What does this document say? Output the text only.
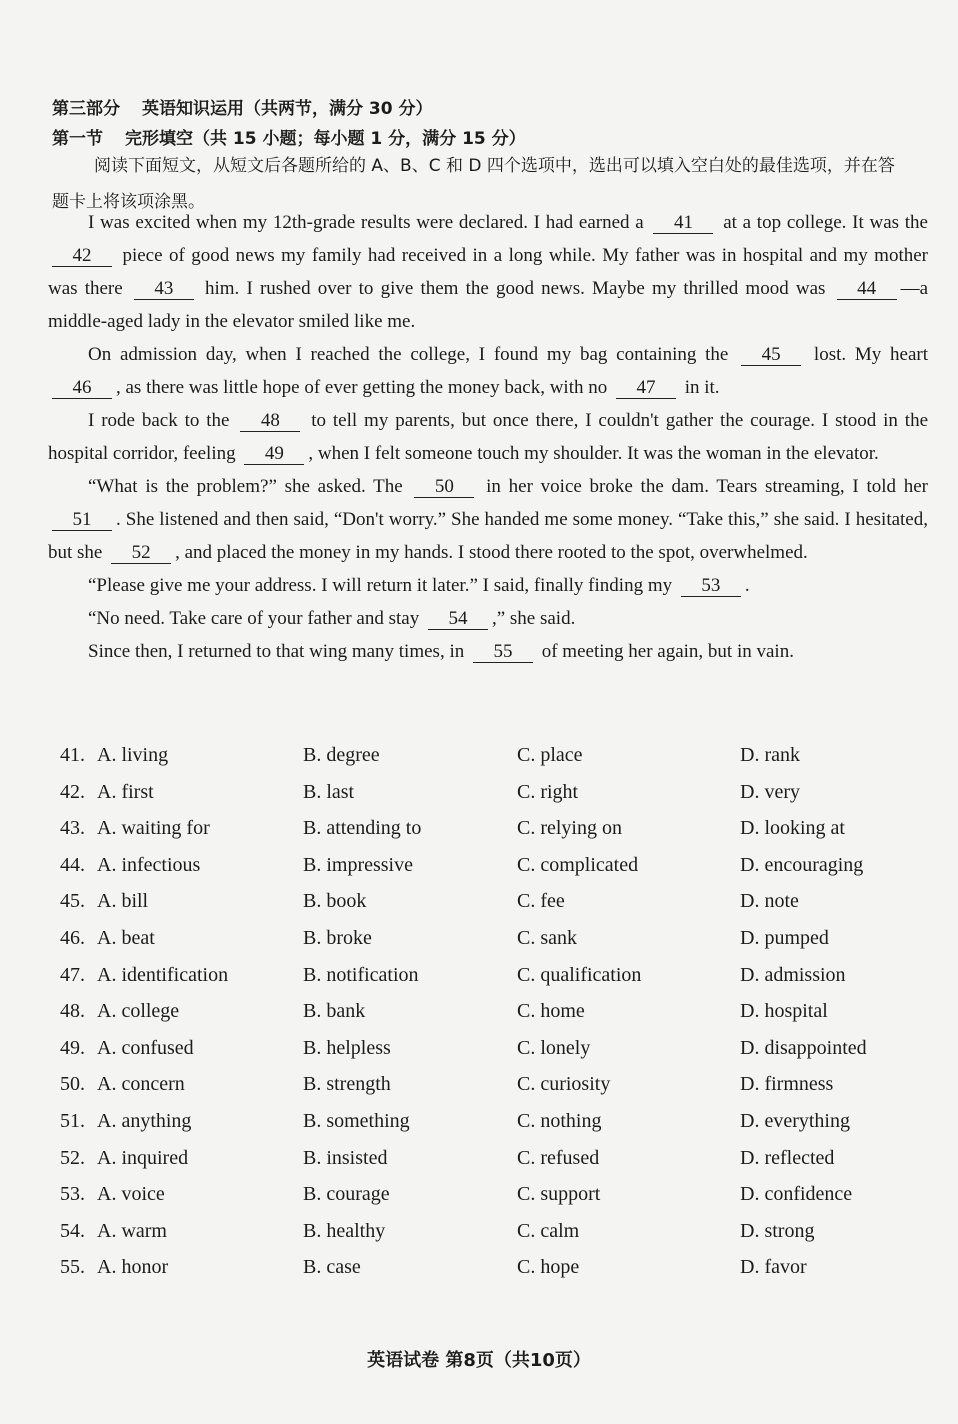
第三部分 英语知识运用（共两节，满分 30 分）
第一节 完形填空（共 15 小题；每小题 1 分，满分 15 分）
阅读下面短文，从短文后各题所给的 A、B、C 和 D 四个选项中，选出可以填入空白处的最佳选项，并在答题卡上将该项涂黑。

I was excited when my 12th-grade results were declared. I had earned a 41 at a top college. It was the 42 piece of good news my family had received in a long while. My father was in hospital and my mother was there 43 him. I rushed over to give them the good news. Maybe my thrilled mood was 44 —a middle-aged lady in the elevator smiled like me.

On admission day, when I reached the college, I found my bag containing the 45 lost. My heart 46 , as there was little hope of ever getting the money back, with no 47 in it.

I rode back to the 48 to tell my parents, but once there, I couldn't gather the courage. I stood in the hospital corridor, feeling 49 , when I felt someone touch my shoulder. It was the woman in the elevator.

“What is the problem?” she asked. The 50 in her voice broke the dam. Tears streaming, I told her 51 . She listened and then said, “Don't worry.” She handed me some money. “Take this,” she said. I hesitated, but she 52 , and placed the money in my hands. I stood there rooted to the spot, overwhelmed.

“Please give me your address. I will return it later.” I said, finally finding my 53 .

“No need. Take care of your father and stay 54 ,” she said.

Since then, I returned to that wing many times, in 55 of meeting her again, but in vain.

41. A. living	B. degree	C. place	D. rank
42. A. first	B. last	C. right	D. very
43. A. waiting for	B. attending to	C. relying on	D. looking at
44. A. infectious	B. impressive	C. complicated	D. encouraging
45. A. bill	B. book	C. fee	D. note
46. A. beat	B. broke	C. sank	D. pumped
47. A. identification	B. notification	C. qualification	D. admission
48. A. college	B. bank	C. home	D. hospital
49. A. confused	B. helpless	C. lonely	D. disappointed
50. A. concern	B. strength	C. curiosity	D. firmness
51. A. anything	B. something	C. nothing	D. everything
52. A. inquired	B. insisted	C. refused	D. reflected
53. A. voice	B. courage	C. support	D. confidence
54. A. warm	B. healthy	C. calm	D. strong
55. A. honor	B. case	C. hope	D. favor
英语试卷 第8页（共10页）
